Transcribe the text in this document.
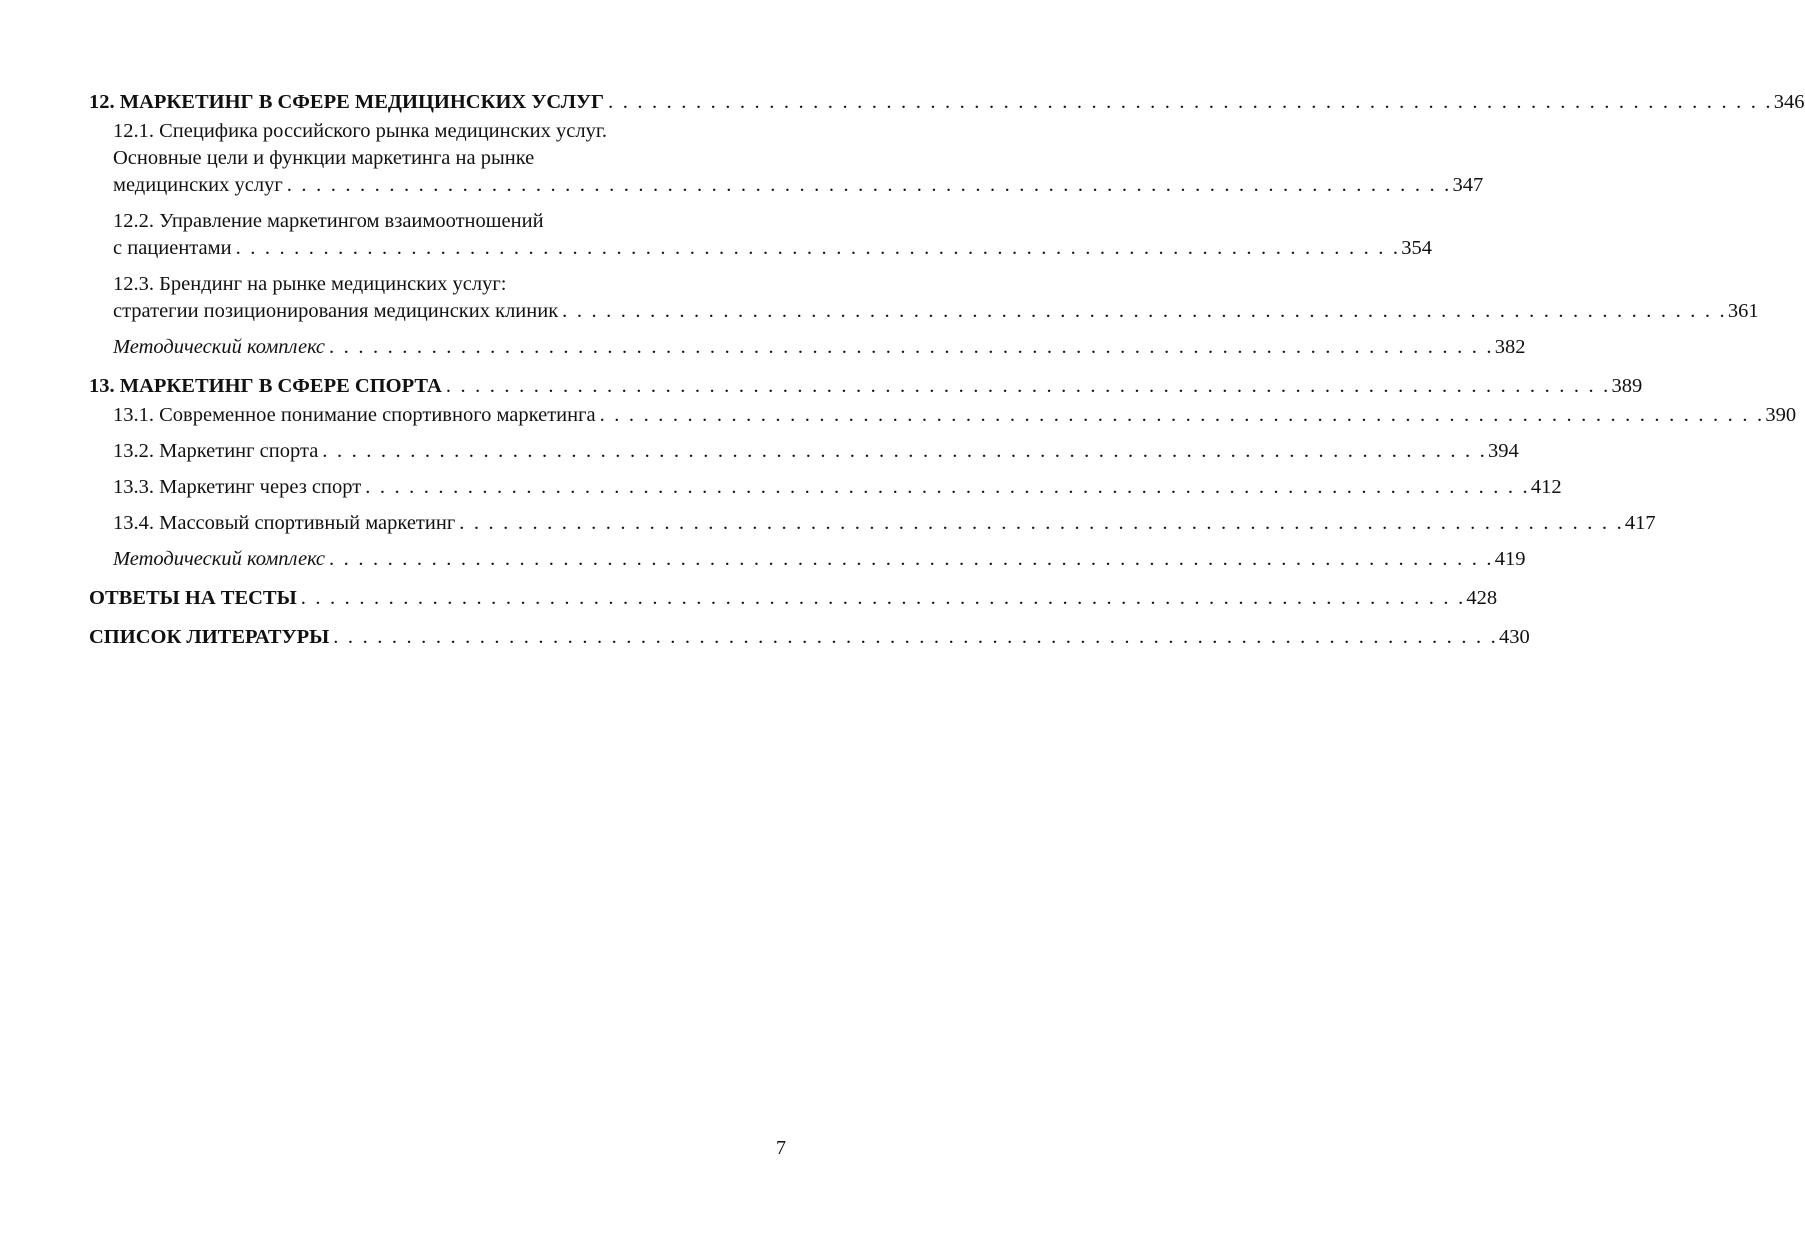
12. МАРКЕТИНГ В СФЕРЕ МЕДИЦИНСКИХ УСЛУГ . . . . . . . . . . . . . . . . . . . . . . . . . . . . . . . . . . . . . . . . . . . . . . . . . . . . . . . . . . . . . . . . . . . . . . . . . . . . . . . . 346
12.1. Специфика российского рынка медицинских услуг.
Основные цели и функции маркетинга на рынке
медицинских услуг . . . . . . . . . . . . . . . . . . . . . . . . . . . . . . . . . . . . . . . . . . . . . . . . . . . . . . . . . . . . . . . . . . . . . . . . . . . . . . . . 347
12.2. Управление маркетингом взаимоотношений
с пациентами . . . . . . . . . . . . . . . . . . . . . . . . . . . . . . . . . . . . . . . . . . . . . . . . . . . . . . . . . . . . . . . . . . . . . . . . . . . . . . . . 354
12.3. Брендинг на рынке медицинских услуг:
стратегии позиционирования медицинских клиник . . . . . . . . . . . . . . . . . . . . . . . . . . . . . . . . . . . . . . . . . . . . . . . . . . . . . . . . . . . . . . . . . . . . . . . . . . . . . . . . 361
Методический комплекс . . . . . . . . . . . . . . . . . . . . . . . . . . . . . . . . . . . . . . . . . . . . . . . . . . . . . . . . . . . . . . . . . . . . . . . . . . . . . . . . 382
13. МАРКЕТИНГ В СФЕРЕ СПОРТА . . . . . . . . . . . . . . . . . . . . . . . . . . . . . . . . . . . . . . . . . . . . . . . . . . . . . . . . . . . . . . . . . . . . . . . . . . . . . . . . 389
13.1. Современное понимание спортивного маркетинга . . . . . . . . . . . . . . . . . . . . . . . . . . . . . . . . . . . . . . . . . . . . . . . . . . . . . . . . . . . . . . . . . . . . . . . . . . . . . . . . 390
13.2. Маркетинг спорта . . . . . . . . . . . . . . . . . . . . . . . . . . . . . . . . . . . . . . . . . . . . . . . . . . . . . . . . . . . . . . . . . . . . . . . . . . . . . . . . 394
13.3. Маркетинг через спорт . . . . . . . . . . . . . . . . . . . . . . . . . . . . . . . . . . . . . . . . . . . . . . . . . . . . . . . . . . . . . . . . . . . . . . . . . . . . . . . . 412
13.4. Массовый спортивный маркетинг . . . . . . . . . . . . . . . . . . . . . . . . . . . . . . . . . . . . . . . . . . . . . . . . . . . . . . . . . . . . . . . . . . . . . . . . . . . . . . . . 417
Методический комплекс . . . . . . . . . . . . . . . . . . . . . . . . . . . . . . . . . . . . . . . . . . . . . . . . . . . . . . . . . . . . . . . . . . . . . . . . . . . . . . . . 419
ОТВЕТЫ НА ТЕСТЫ . . . . . . . . . . . . . . . . . . . . . . . . . . . . . . . . . . . . . . . . . . . . . . . . . . . . . . . . . . . . . . . . . . . . . . . . . . . . . . . . 428
СПИСОК ЛИТЕРАТУРЫ . . . . . . . . . . . . . . . . . . . . . . . . . . . . . . . . . . . . . . . . . . . . . . . . . . . . . . . . . . . . . . . . . . . . . . . . . . . . . . . . 430
7
